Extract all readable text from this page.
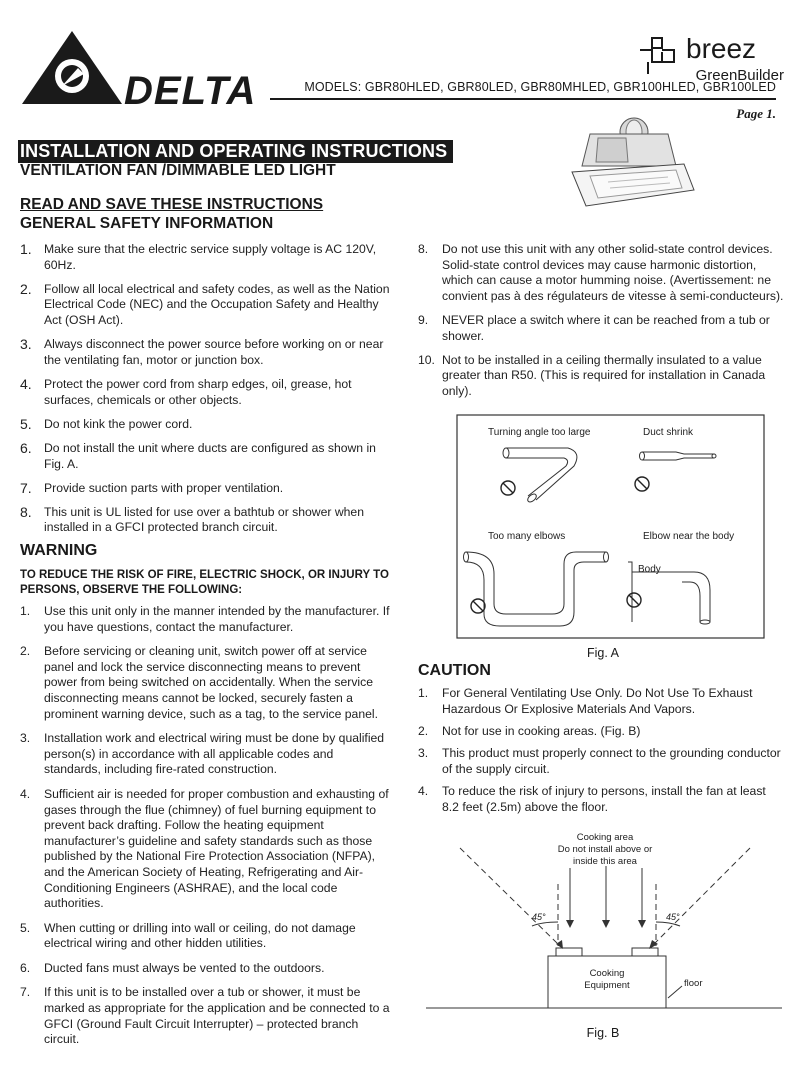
DELTA
breez
GreenBuilder
MODELS: GBR80HLED, GBR80LED, GBR80MHLED, GBR100HLED, GBR100LED
Page 1.
INSTALLATION AND OPERATING INSTRUCTIONS
VENTILATION FAN /DIMMABLE LED LIGHT
READ AND SAVE THESE INSTRUCTIONS
GENERAL SAFETY INFORMATION
1.	Make sure that the electric service supply voltage is AC 120V, 60Hz.
2.	Follow all local electrical and safety codes, as well as the Nation Electrical Code (NEC) and the Occupation Safety and Healthy Act (OSH Act).
3.	Always disconnect the power source before working on or near the ventilating fan, motor or junction box.
4.	Protect the power cord from sharp edges, oil, grease, hot surfaces, chemicals or other objects.
5.	Do not kink the power cord.
6.	Do not install the unit where ducts are configured as shown in Fig. A.
7.	Provide suction parts with proper ventilation.
8.	This unit is UL listed for use over a bathtub or shower when installed in a GFCI protected branch circuit.
WARNING
TO REDUCE THE RISK OF FIRE, ELECTRIC SHOCK, OR INJURY TO PERSONS, OBSERVE THE FOLLOWING:
1.	Use this unit only in the manner intended by the manufacturer. If you have questions, contact the manufacturer.
2.	Before servicing or cleaning unit, switch power off at service panel and lock the service disconnecting means to prevent power from being switched on accidentally. When the service disconnecting means cannot be locked, securely fasten a prominent warning device, such as a tag, to the service panel.
3.	Installation work and electrical wiring must be done by qualified person(s) in accordance with all applicable codes and standards, including fire-rated construction.
4.	Sufficient air is needed for proper combustion and exhausting of gases through the flue (chimney) of fuel burning equipment to prevent back drafting. Follow the heating equipment manufacturer’s guideline and safety standards such as those published by the National Fire Protection Association (NFPA), and the American Society of Heating, Refrigerating and Air-Conditioning Engineers (ASHRAE), and the local code authorities.
5.	When cutting or drilling into wall or ceiling, do not damage electrical wiring and other hidden utilities.
6.	Ducted fans must always be vented to the outdoors.
7.	If this unit is to be installed over a tub or shower, it must be marked as appropriate for the application and be connected to a GFCI (Ground Fault Circuit Interrupter) – protected branch circuit.
8.	Do not use this unit with any other solid-state control devices. Solid-state control devices may cause harmonic distortion, which can cause a motor humming noise. (Avertissement: ne convient pas à des régulateurs de vitesse à semi-conducteurs).
9.	NEVER place a switch where it can be reached from a tub or shower.
10. Not to be installed in a ceiling thermally insulated to a value greater than R50. (This is required for installation in Canada only).
Turning angle too large	Duct shrink
Too many elbows	Elbow near the body
Body
Fig. A
CAUTION
1.	For General Ventilating Use Only. Do Not Use To Exhaust Hazardous Or Explosive Materials And Vapors.
2.	Not for use in cooking areas. (Fig. B)
3.	This product must properly connect to the grounding conductor of the supply circuit.
4.	To reduce the risk of injury to persons, install the fan at least 8.2 feet (2.5m) above the floor.
Cooking area
Do not install above or
inside this area
45°	45°
Cooking
Equipment	floor
Fig. B
